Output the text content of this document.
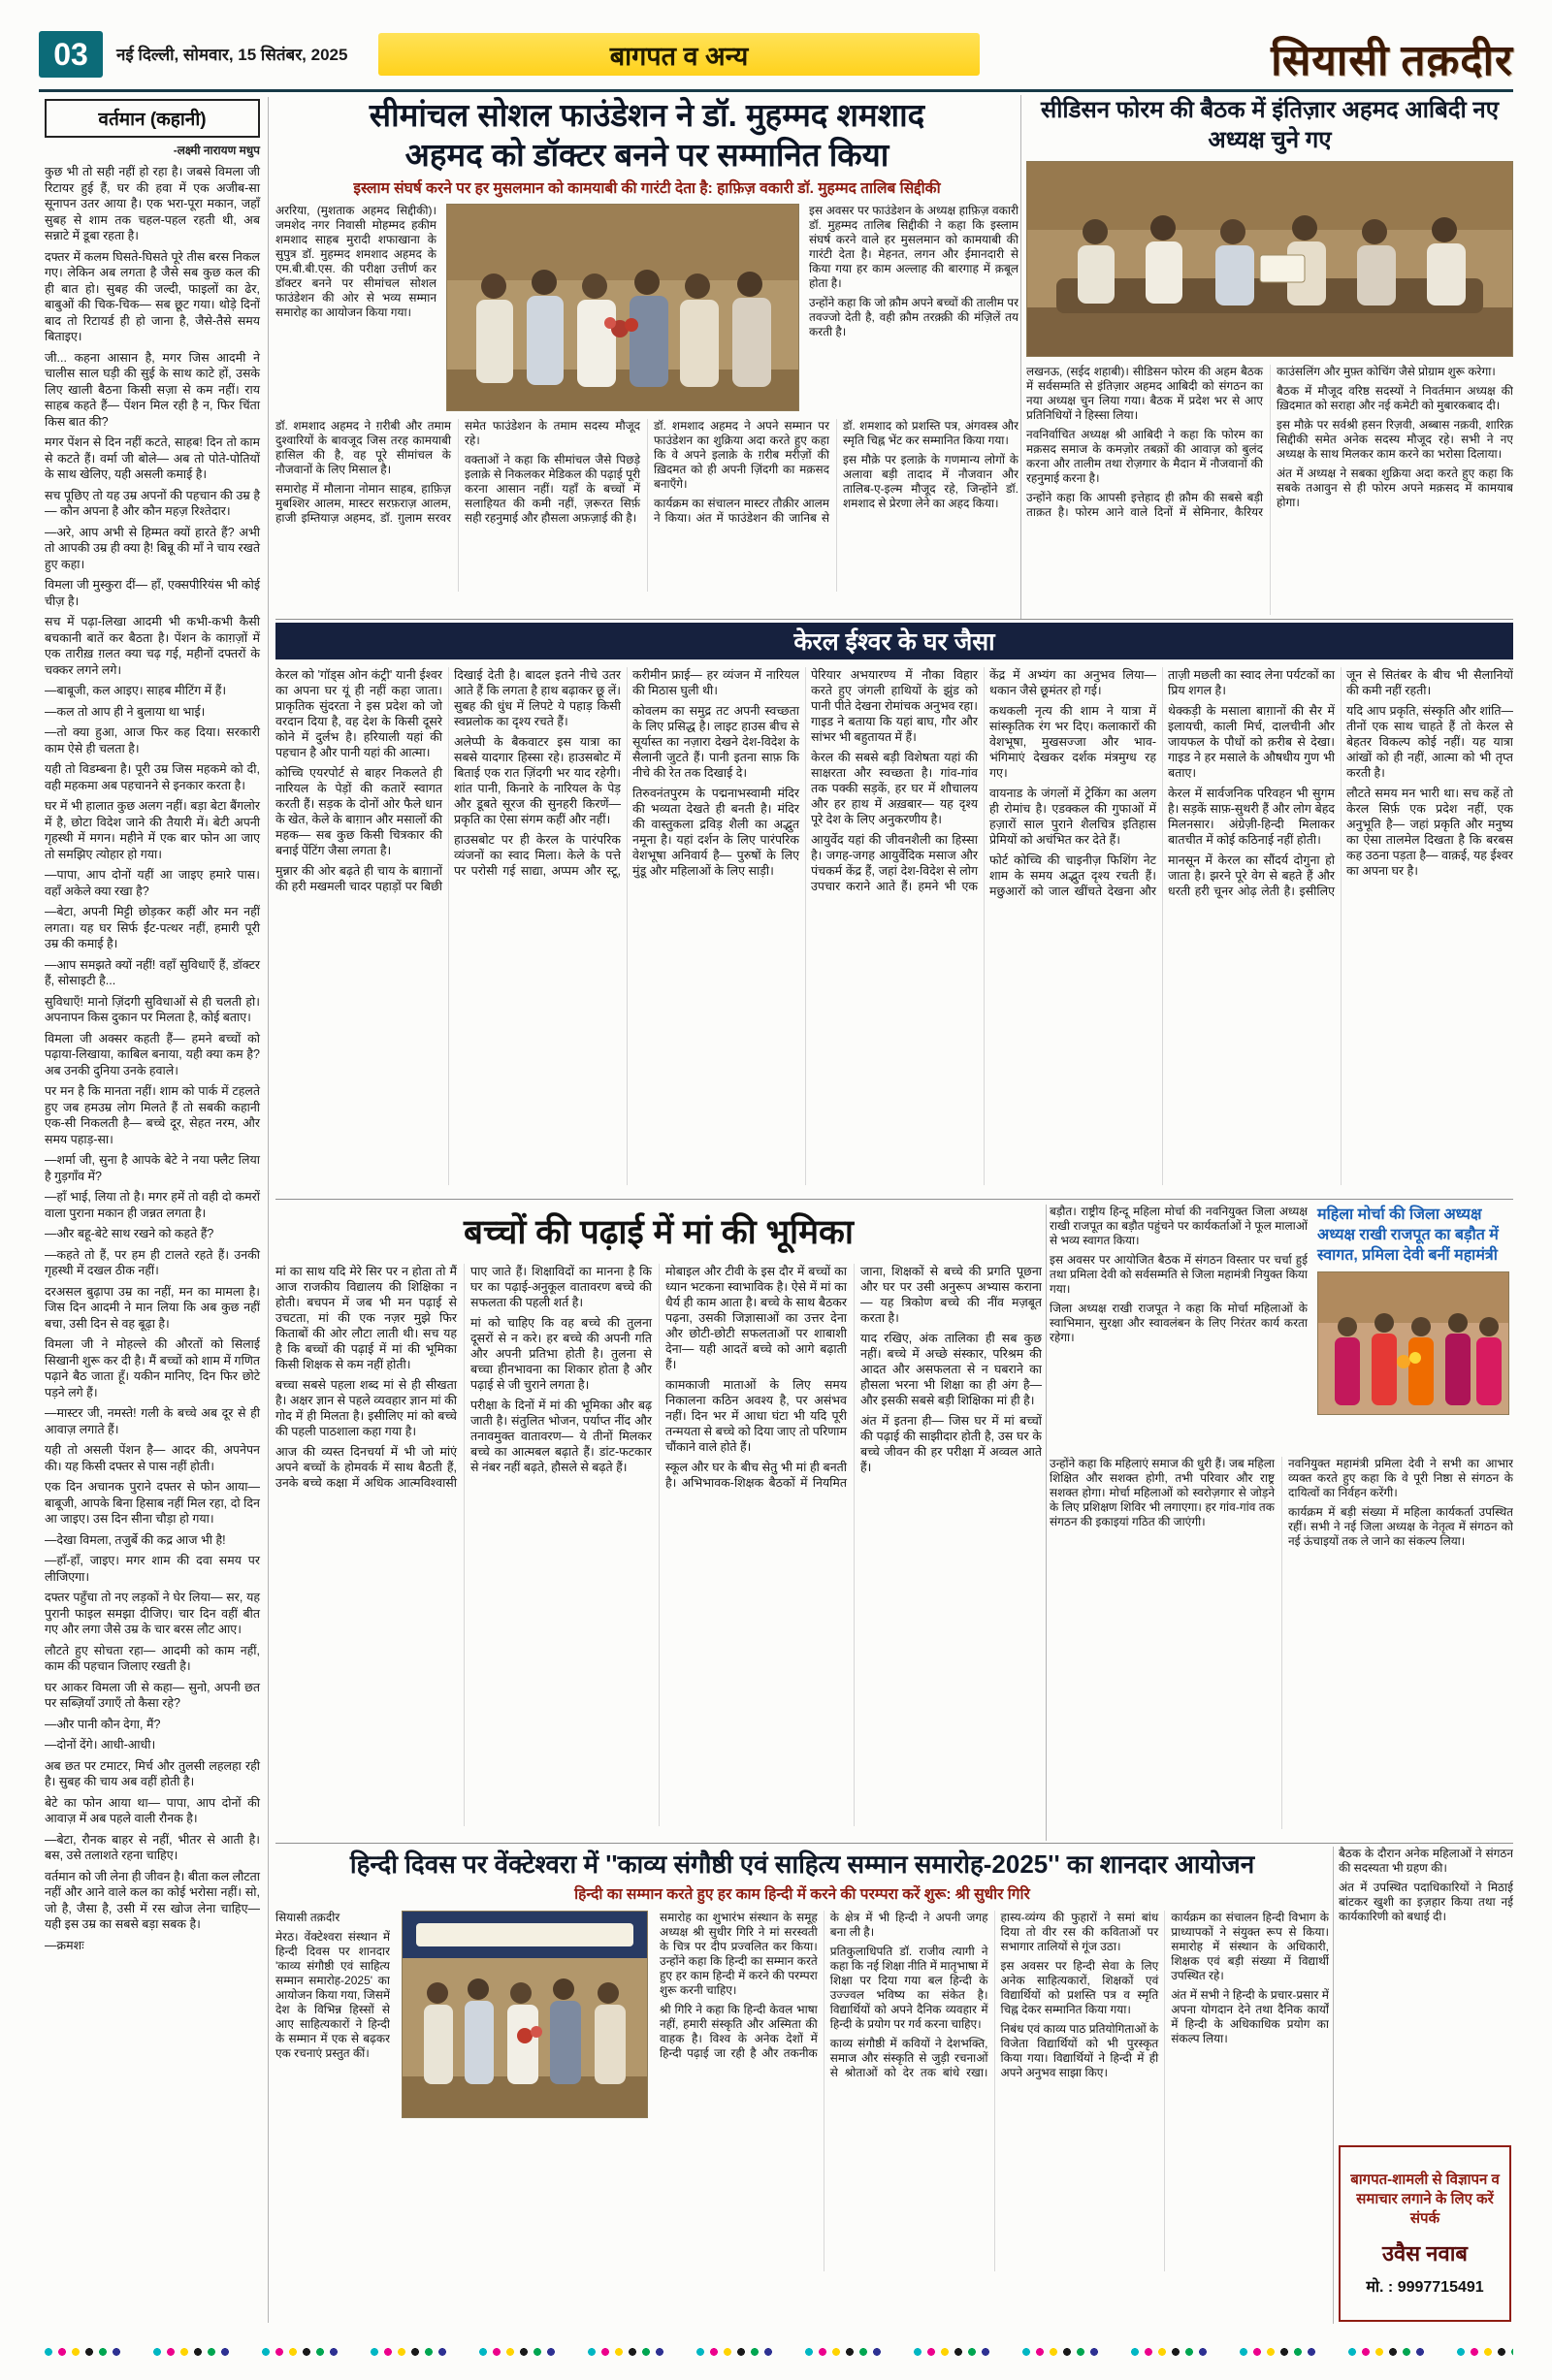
03	नई दिल्ली, सोमवार, 15 सितंबर, 2025	बागपत व अन्य	सियासी तक़दीर
वर्तमान (कहानी)
-लक्ष्मी नारायण मधुप

कुछ भी तो सही नहीं हो रहा है। जबसे विमला जी रिटायर हुई हैं, घर की हवा में एक अजीब-सा सूनापन उतर आया है। एक भरा-पूरा मकान, जहाँ सुबह से शाम तक चहल-पहल रहती थी, अब सन्नाटे में डूबा रहता है।

दफ्तर में कलम घिसते-घिसते पूरे तीस बरस निकल गए। लेकिन अब लगता है जैसे सब कुछ कल की ही बात हो। सुबह की जल्दी, फाइलों का ढेर, बाबुओं की चिक-चिक— सब छूट गया। थोड़े दिनों बाद तो रिटायर्ड ही हो जाना है, जैसे-तैसे समय बिताइए।

जी... कहना आसान है, मगर जिस आदमी ने चालीस साल घड़ी की सुई के साथ काटे हों, उसके लिए खाली बैठना किसी सज़ा से कम नहीं। राय साहब कहते हैं— पेंशन मिल रही है न, फिर चिंता किस बात की?

मगर पेंशन से दिन नहीं कटते, साहब! दिन तो काम से कटते हैं। वर्मा जी बोले— अब तो पोते-पोतियों के साथ खेलिए, यही असली कमाई है।

सच पूछिए तो यह उम्र अपनों की पहचान की उम्र है— कौन अपना है और कौन महज़ रिश्तेदार।

—अरे, आप अभी से हिम्मत क्यों हारते हैं? अभी तो आपकी उम्र ही क्या है! बिन्नू की माँ ने चाय रखते हुए कहा।

विमला जी मुस्कुरा दीं— हाँ, एक्सपीरियंस भी कोई चीज़ है।

सच में पढ़ा-लिखा आदमी भी कभी-कभी कैसी बचकानी बातें कर बैठता है। पेंशन के काग़ज़ों में एक तारीख़ ग़लत क्या चढ़ गई, महीनों दफ्तरों के चक्कर लगने लगे।

—बाबूजी, कल आइए। साहब मीटिंग में हैं।

—कल तो आप ही ने बुलाया था भाई।

—तो क्या हुआ, आज फिर कह दिया। सरकारी काम ऐसे ही चलता है।

यही तो विडम्बना है। पूरी उम्र जिस महकमे को दी, वही महकमा अब पहचानने से इनकार करता है।

घर में भी हालात कुछ अलग नहीं। बड़ा बेटा बैंगलोर में है, छोटा विदेश जाने की तैयारी में। बेटी अपनी गृहस्थी में मगन। महीने में एक बार फोन आ जाए तो समझिए त्योहार हो गया।

—पापा, आप दोनों यहीं आ जाइए हमारे पास। वहाँ अकेले क्या रखा है?

—बेटा, अपनी मिट्टी छोड़कर कहीं और मन नहीं लगता। यह घर सिर्फ ईंट-पत्थर नहीं, हमारी पूरी उम्र की कमाई है।

—आप समझते क्यों नहीं! वहाँ सुविधाएँ हैं, डॉक्टर हैं, सोसाइटी है...

सुविधाएँ! मानो ज़िंदगी सुविधाओं से ही चलती हो। अपनापन किस दुकान पर मिलता है, कोई बताए।

विमला जी अक्सर कहती हैं— हमने बच्चों को पढ़ाया-लिखाया, काबिल बनाया, यही क्या कम है? अब उनकी दुनिया उनके हवाले।

पर मन है कि मानता नहीं। शाम को पार्क में टहलते हुए जब हमउम्र लोग मिलते हैं तो सबकी कहानी एक-सी निकलती है— बच्चे दूर, सेहत नरम, और समय पहाड़-सा।

—शर्मा जी, सुना है आपके बेटे ने नया फ्लैट लिया है गुड़गाँव में?

—हाँ भाई, लिया तो है। मगर हमें तो वही दो कमरों वाला पुराना मकान ही जन्नत लगता है।

—और बहू-बेटे साथ रखने को कहते हैं?

—कहते तो हैं, पर हम ही टालते रहते हैं। उनकी गृहस्थी में दखल ठीक नहीं।

दरअसल बुढ़ापा उम्र का नहीं, मन का मामला है। जिस दिन आदमी ने मान लिया कि अब कुछ नहीं बचा, उसी दिन से वह बूढ़ा है।

विमला जी ने मोहल्ले की औरतों को सिलाई सिखानी शुरू कर दी है। मैं बच्चों को शाम में गणित पढ़ाने बैठ जाता हूँ। यकीन मानिए, दिन फिर छोटे पड़ने लगे हैं।

—मास्टर जी, नमस्ते! गली के बच्चे अब दूर से ही आवाज़ लगाते हैं।

यही तो असली पेंशन है— आदर की, अपनेपन की। यह किसी दफ्तर से पास नहीं होती।

एक दिन अचानक पुराने दफ्तर से फोन आया— बाबूजी, आपके बिना हिसाब नहीं मिल रहा, दो दिन आ जाइए। उस दिन सीना चौड़ा हो गया।

—देखा विमला, तजुर्बे की कद्र आज भी है!

—हाँ-हाँ, जाइए। मगर शाम की दवा समय पर लीजिएगा।

दफ्तर पहुँचा तो नए लड़कों ने घेर लिया— सर, यह पुरानी फाइल समझा दीजिए। चार दिन वहीं बीत गए और लगा जैसे उम्र के चार बरस लौट आए।

लौटते हुए सोचता रहा— आदमी को काम नहीं, काम की पहचान जिलाए रखती है।

घर आकर विमला जी से कहा— सुनो, अपनी छत पर सब्ज़ियाँ उगाएँ तो कैसा रहे?

—और पानी कौन देगा, मैं?

—दोनों देंगे। आधी-आधी।

अब छत पर टमाटर, मिर्च और तुलसी लहलहा रही है। सुबह की चाय अब वहीं होती है।

बेटे का फोन आया था— पापा, आप दोनों की आवाज़ में अब पहले वाली रौनक है।

—बेटा, रौनक बाहर से नहीं, भीतर से आती है। बस, उसे तलाशते रहना चाहिए।

वर्तमान को जी लेना ही जीवन है। बीता कल लौटता नहीं और आने वाले कल का कोई भरोसा नहीं। सो, जो है, जैसा है, उसी में रस खोज लेना चाहिए— यही इस उम्र का सबसे बड़ा सबक है।

—क्रमशः

सीमांचल सोशल फाउंडेशन ने डॉ. मुहम्मद शमशाद
अहमद को डॉक्टर बनने पर सम्मानित किया
इस्लाम संघर्ष करने पर हर मुसलमान को कामयाबी की गारंटी देता है: हाफ़िज़ वकारी डॉ. मुहम्मद तालिब सिद्दीकी

अररिया, (मुशताक अहमद सिद्दीकी)। जमशेद नगर निवासी मोहम्मद हकीम शमशाद साहब मुरादी शफाखाना के सुपुत्र डॉ. मुहम्मद शमशाद अहमद के एम.बी.बी.एस. की परीक्षा उत्तीर्ण कर डॉक्टर बनने पर सीमांचल सोशल फाउंडेशन की ओर से भव्य सम्मान समारोह का आयोजन किया गया।

इस अवसर पर फाउंडेशन के अध्यक्ष हाफ़िज़ वकारी डॉ. मुहम्मद तालिब सिद्दीकी ने कहा कि इस्लाम संघर्ष करने वाले हर मुसलमान को कामयाबी की गारंटी देता है। मेहनत, लगन और ईमानदारी से किया गया हर काम अल्लाह की बारगाह में क़बूल होता है।

उन्होंने कहा कि जो क़ौम अपने बच्चों की तालीम पर तवज्जो देती है, वही क़ौम तरक़्क़ी की मंज़िलें तय करती है।

डॉ. शमशाद अहमद ने ग़रीबी और तमाम दुश्वारियों के बावजूद जिस तरह कामयाबी हासिल की है, वह पूरे सीमांचल के नौजवानों के लिए मिसाल है।

समारोह में मौलाना नोमान साहब, हाफ़िज़ मुबश्शिर आलम, मास्टर सरफ़राज़ आलम, हाजी इम्तियाज़ अहमद, डॉ. ग़ुलाम सरवर समेत फाउंडेशन के तमाम सदस्य मौजूद रहे।

वक्ताओं ने कहा कि सीमांचल जैसे पिछड़े इलाक़े से निकलकर मेडिकल की पढ़ाई पूरी करना आसान नहीं। यहाँ के बच्चों में सलाहियत की कमी नहीं, ज़रूरत सिर्फ़ सही रहनुमाई और हौसला अफ़ज़ाई की है।

डॉ. शमशाद अहमद ने अपने सम्मान पर फाउंडेशन का शुक्रिया अदा करते हुए कहा कि वे अपने इलाक़े के ग़रीब मरीज़ों की ख़िदमत को ही अपनी ज़िंदगी का मक़सद बनाएँगे।

कार्यक्रम का संचालन मास्टर तौक़ीर आलम ने किया। अंत में फाउंडेशन की जानिब से डॉ. शमशाद को प्रशस्ति पत्र, अंगवस्त्र और स्मृति चिह्न भेंट कर सम्मानित किया गया।

इस मौक़े पर इलाक़े के गणमान्य लोगों के अलावा बड़ी तादाद में नौजवान और तालिब-ए-इल्म मौजूद रहे, जिन्होंने डॉ. शमशाद से प्रेरणा लेने का अहद किया।

सीडिसन फोरम की बैठक में इंतिज़ार अहमद आबिदी नए अध्यक्ष चुने गए

लखनऊ, (सईद शहाबी)। सीडिसन फोरम की अहम बैठक में सर्वसम्मति से इंतिज़ार अहमद आबिदी को संगठन का नया अध्यक्ष चुन लिया गया। बैठक में प्रदेश भर से आए प्रतिनिधियों ने हिस्सा लिया।

नवनिर्वाचित अध्यक्ष श्री आबिदी ने कहा कि फोरम का मक़सद समाज के कमज़ोर तबक़ों की आवाज़ को बुलंद करना और तालीम तथा रोज़गार के मैदान में नौजवानों की रहनुमाई करना है।

उन्होंने कहा कि आपसी इत्तेहाद ही क़ौम की सबसे बड़ी ताक़त है। फोरम आने वाले दिनों में सेमिनार, कैरियर काउंसलिंग और मुफ़्त कोचिंग जैसे प्रोग्राम शुरू करेगा।

बैठक में मौजूद वरिष्ठ सदस्यों ने निवर्तमान अध्यक्ष की ख़िदमात को सराहा और नई कमेटी को मुबारकबाद दी।

इस मौक़े पर सर्वश्री हसन रिज़वी, अब्बास नक़वी, शारिक़ सिद्दीकी समेत अनेक सदस्य मौजूद रहे। सभी ने नए अध्यक्ष के साथ मिलकर काम करने का भरोसा दिलाया।

अंत में अध्यक्ष ने सबका शुक्रिया अदा करते हुए कहा कि सबके तआवुन से ही फोरम अपने मक़सद में कामयाब होगा।

केरल ईश्वर के घर जैसा

केरल को 'गॉड्स ओन कंट्री' यानी ईश्वर का अपना घर यूं ही नहीं कहा जाता। प्राकृतिक सुंदरता ने इस प्रदेश को जो वरदान दिया है, वह देश के किसी दूसरे कोने में दुर्लभ है। हरियाली यहां की पहचान है और पानी यहां की आत्मा।

कोच्चि एयरपोर्ट से बाहर निकलते ही नारियल के पेड़ों की कतारें स्वागत करती हैं। सड़क के दोनों ओर फैले धान के खेत, केले के बाग़ान और मसालों की महक— सब कुछ किसी चित्रकार की बनाई पेंटिंग जैसा लगता है।

मुन्नार की ओर बढ़ते ही चाय के बाग़ानों की हरी मखमली चादर पहाड़ों पर बिछी दिखाई देती है। बादल इतने नीचे उतर आते हैं कि लगता है हाथ बढ़ाकर छू लें। सुबह की धुंध में लिपटे ये पहाड़ किसी स्वप्नलोक का दृश्य रचते हैं।

अलेप्पी के बैकवाटर इस यात्रा का सबसे यादगार हिस्सा रहे। हाउसबोट में बिताई एक रात ज़िंदगी भर याद रहेगी। शांत पानी, किनारे के नारियल के पेड़ और डूबते सूरज की सुनहरी किरणें— प्रकृति का ऐसा संगम कहीं और नहीं।

हाउसबोट पर ही केरल के पारंपरिक व्यंजनों का स्वाद मिला। केले के पत्ते पर परोसी गई साद्या, अप्पम और स्टू, करीमीन फ्राई— हर व्यंजन में नारियल की मिठास घुली थी।

कोवलम का समुद्र तट अपनी स्वच्छता के लिए प्रसिद्ध है। लाइट हाउस बीच से सूर्यास्त का नज़ारा देखने देश-विदेश के सैलानी जुटते हैं। पानी इतना साफ़ कि नीचे की रेत तक दिखाई दे।

तिरुवनंतपुरम के पद्मनाभस्वामी मंदिर की भव्यता देखते ही बनती है। मंदिर की वास्तुकला द्रविड़ शैली का अद्भुत नमूना है। यहां दर्शन के लिए पारंपरिक वेशभूषा अनिवार्य है— पुरुषों के लिए मुंडू और महिलाओं के लिए साड़ी।

पेरियार अभयारण्य में नौका विहार करते हुए जंगली हाथियों के झुंड को पानी पीते देखना रोमांचक अनुभव रहा। गाइड ने बताया कि यहां बाघ, गौर और सांभर भी बहुतायत में हैं।

केरल की सबसे बड़ी विशेषता यहां की साक्षरता और स्वच्छता है। गांव-गांव तक पक्की सड़कें, हर घर में शौचालय और हर हाथ में अख़बार— यह दृश्य पूरे देश के लिए अनुकरणीय है।

आयुर्वेद यहां की जीवनशैली का हिस्सा है। जगह-जगह आयुर्वेदिक मसाज और पंचकर्म केंद्र हैं, जहां देश-विदेश से लोग उपचार कराने आते हैं। हमने भी एक केंद्र में अभ्यंग का अनुभव लिया— थकान जैसे छूमंतर हो गई।

कथकली नृत्य की शाम ने यात्रा में सांस्कृतिक रंग भर दिए। कलाकारों की वेशभूषा, मुखसज्जा और भाव-भंगिमाएं देखकर दर्शक मंत्रमुग्ध रह गए।

वायनाड के जंगलों में ट्रेकिंग का अलग ही रोमांच है। एडक्कल की गुफाओं में हज़ारों साल पुराने शैलचित्र इतिहास प्रेमियों को अचंभित कर देते हैं।

फोर्ट कोच्चि की चाइनीज़ फिशिंग नेट शाम के समय अद्भुत दृश्य रचती हैं। मछुआरों को जाल खींचते देखना और ताज़ी मछली का स्वाद लेना पर्यटकों का प्रिय शगल है।

थेक्कड़ी के मसाला बाग़ानों की सैर में इलायची, काली मिर्च, दालचीनी और जायफल के पौधों को क़रीब से देखा। गाइड ने हर मसाले के औषधीय गुण भी बताए।

केरल में सार्वजनिक परिवहन भी सुगम है। सड़कें साफ़-सुथरी हैं और लोग बेहद मिलनसार। अंग्रेज़ी-हिन्दी मिलाकर बातचीत में कोई कठिनाई नहीं होती।

मानसून में केरल का सौंदर्य दोगुना हो जाता है। झरने पूरे वेग से बहते हैं और धरती हरी चूनर ओढ़ लेती है। इसीलिए जून से सितंबर के बीच भी सैलानियों की कमी नहीं रहती।

यदि आप प्रकृति, संस्कृति और शांति— तीनों एक साथ चाहते हैं तो केरल से बेहतर विकल्प कोई नहीं। यह यात्रा आंखों को ही नहीं, आत्मा को भी तृप्त करती है।

लौटते समय मन भारी था। सच कहें तो केरल सिर्फ़ एक प्रदेश नहीं, एक अनुभूति है— जहां प्रकृति और मनुष्य का ऐसा तालमेल दिखता है कि बरबस कह उठना पड़ता है— वाक़ई, यह ईश्वर का अपना घर है।

बच्चों की पढ़ाई में मां की भूमिका

मां का साथ यदि मेरे सिर पर न होता तो मैं आज राजकीय विद्यालय की शिक्षिका न होती। बचपन में जब भी मन पढ़ाई से उचटता, मां की एक नज़र मुझे फिर किताबों की ओर लौटा लाती थी। सच यह है कि बच्चों की पढ़ाई में मां की भूमिका किसी शिक्षक से कम नहीं होती।

बच्चा सबसे पहला शब्द मां से ही सीखता है। अक्षर ज्ञान से पहले व्यवहार ज्ञान मां की गोद में ही मिलता है। इसीलिए मां को बच्चे की पहली पाठशाला कहा गया है।

आज की व्यस्त दिनचर्या में भी जो मांएं अपने बच्चों के होमवर्क में साथ बैठती हैं, उनके बच्चे कक्षा में अधिक आत्मविश्वासी पाए जाते हैं। शिक्षाविदों का मानना है कि घर का पढ़ाई-अनुकूल वातावरण बच्चे की सफलता की पहली शर्त है।

मां को चाहिए कि वह बच्चे की तुलना दूसरों से न करे। हर बच्चे की अपनी गति और अपनी प्रतिभा होती है। तुलना से बच्चा हीनभावना का शिकार होता है और पढ़ाई से जी चुराने लगता है।

परीक्षा के दिनों में मां की भूमिका और बढ़ जाती है। संतुलित भोजन, पर्याप्त नींद और तनावमुक्त वातावरण— ये तीनों मिलकर बच्चे का आत्मबल बढ़ाते हैं। डांट-फटकार से नंबर नहीं बढ़ते, हौसले से बढ़ते हैं।

मोबाइल और टीवी के इस दौर में बच्चों का ध्यान भटकना स्वाभाविक है। ऐसे में मां का धैर्य ही काम आता है। बच्चे के साथ बैठकर पढ़ना, उसकी जिज्ञासाओं का उत्तर देना और छोटी-छोटी सफलताओं पर शाबाशी देना— यही आदतें बच्चे को आगे बढ़ाती हैं।

कामकाजी माताओं के लिए समय निकालना कठिन अवश्य है, पर असंभव नहीं। दिन भर में आधा घंटा भी यदि पूरी तन्मयता से बच्चे को दिया जाए तो परिणाम चौंकाने वाले होते हैं।

स्कूल और घर के बीच सेतु भी मां ही बनती है। अभिभावक-शिक्षक बैठकों में नियमित जाना, शिक्षकों से बच्चे की प्रगति पूछना और घर पर उसी अनुरूप अभ्यास कराना— यह त्रिकोण बच्चे की नींव मज़बूत करता है।

याद रखिए, अंक तालिका ही सब कुछ नहीं। बच्चे में अच्छे संस्कार, परिश्रम की आदत और असफलता से न घबराने का हौसला भरना भी शिक्षा का ही अंग है— और इसकी सबसे बड़ी शिक्षिका मां ही है।

अंत में इतना ही— जिस घर में मां बच्चों की पढ़ाई की साझीदार होती है, उस घर के बच्चे जीवन की हर परीक्षा में अव्वल आते हैं।

बड़ौत। राष्ट्रीय हिन्दू महिला मोर्चा की नवनियुक्त जिला अध्यक्ष राखी राजपूत का बड़ौत पहुंचने पर कार्यकर्ताओं ने फूल मालाओं से भव्य स्वागत किया।

इस अवसर पर आयोजित बैठक में संगठन विस्तार पर चर्चा हुई तथा प्रमिला देवी को सर्वसम्मति से जिला महामंत्री नियुक्त किया गया।

जिला अध्यक्ष राखी राजपूत ने कहा कि मोर्चा महिलाओं के स्वाभिमान, सुरक्षा और स्वावलंबन के लिए निरंतर कार्य करता रहेगा।

महिला मोर्चा की जिला अध्यक्ष अध्यक्ष राखी राजपूत का बड़ौत में स्वागत, प्रमिला देवी बनीं महामंत्री

उन्होंने कहा कि महिलाएं समाज की धुरी हैं। जब महिला शिक्षित और सशक्त होगी, तभी परिवार और राष्ट्र सशक्त होगा। मोर्चा महिलाओं को स्वरोज़गार से जोड़ने के लिए प्रशिक्षण शिविर भी लगाएगा। हर गांव-गांव तक संगठन की इकाइयां गठित की जाएंगी।

नवनियुक्त महामंत्री प्रमिला देवी ने सभी का आभार व्यक्त करते हुए कहा कि वे पूरी निष्ठा से संगठन के दायित्वों का निर्वहन करेंगी।

कार्यक्रम में बड़ी संख्या में महिला कार्यकर्ता उपस्थित रहीं। सभी ने नई जिला अध्यक्ष के नेतृत्व में संगठन को नई ऊंचाइयों तक ले जाने का संकल्प लिया।

हिन्दी दिवस पर वेंक्टेश्वरा में ''काव्य संगौष्ठी एवं साहित्य सम्मान समारोह-2025'' का शानदार आयोजन
हिन्दी का सम्मान करते हुए हर काम हिन्दी में करने की परम्परा करें शुरू: श्री सुधीर गिरि

सियासी तक़दीर

मेरठ। वेंक्टेश्वरा संस्थान में हिन्दी दिवस पर शानदार 'काव्य संगौष्ठी एवं साहित्य सम्मान समारोह-2025' का आयोजन किया गया, जिसमें देश के विभिन्न हिस्सों से आए साहित्यकारों ने हिन्दी के सम्मान में एक से बढ़कर एक रचनाएं प्रस्तुत कीं।

समारोह का शुभारंभ संस्थान के समूह अध्यक्ष श्री सुधीर गिरि ने मां सरस्वती के चित्र पर दीप प्रज्वलित कर किया। उन्होंने कहा कि हिन्दी का सम्मान करते हुए हर काम हिन्दी में करने की परम्परा शुरू करनी चाहिए।

श्री गिरि ने कहा कि हिन्दी केवल भाषा नहीं, हमारी संस्कृति और अस्मिता की वाहक है। विश्व के अनेक देशों में हिन्दी पढ़ाई जा रही है और तकनीक के क्षेत्र में भी हिन्दी ने अपनी जगह बना ली है।

प्रतिकुलाधिपति डॉ. राजीव त्यागी ने कहा कि नई शिक्षा नीति में मातृभाषा में शिक्षा पर दिया गया बल हिन्दी के उज्ज्वल भविष्य का संकेत है। विद्यार्थियों को अपने दैनिक व्यवहार में हिन्दी के प्रयोग पर गर्व करना चाहिए।

काव्य संगौष्ठी में कवियों ने देशभक्ति, समाज और संस्कृति से जुड़ी रचनाओं से श्रोताओं को देर तक बांधे रखा। हास्य-व्यंग्य की फुहारों ने समां बांध दिया तो वीर रस की कविताओं पर सभागार तालियों से गूंज उठा।

इस अवसर पर हिन्दी सेवा के लिए अनेक साहित्यकारों, शिक्षकों एवं विद्यार्थियों को प्रशस्ति पत्र व स्मृति चिह्न देकर सम्मानित किया गया।

निबंध एवं काव्य पाठ प्रतियोगिताओं के विजेता विद्यार्थियों को भी पुरस्कृत किया गया। विद्यार्थियों ने हिन्दी में ही अपने अनुभव साझा किए।

कार्यक्रम का संचालन हिन्दी विभाग के प्राध्यापकों ने संयुक्त रूप से किया। समारोह में संस्थान के अधिकारी, शिक्षक एवं बड़ी संख्या में विद्यार्थी उपस्थित रहे।

अंत में सभी ने हिन्दी के प्रचार-प्रसार में अपना योगदान देने तथा दैनिक कार्यों में हिन्दी के अधिकाधिक प्रयोग का संकल्प लिया।

बैठक के दौरान अनेक महिलाओं ने संगठन की सदस्यता भी ग्रहण की।

अंत में उपस्थित पदाधिकारियों ने मिठाई बांटकर खुशी का इज़हार किया तथा नई कार्यकारिणी को बधाई दी।

बागपत-शामली से विज्ञापन व समाचार लगाने के लिए करें संपर्क
उवैस नवाब
मो. : 9997715491
